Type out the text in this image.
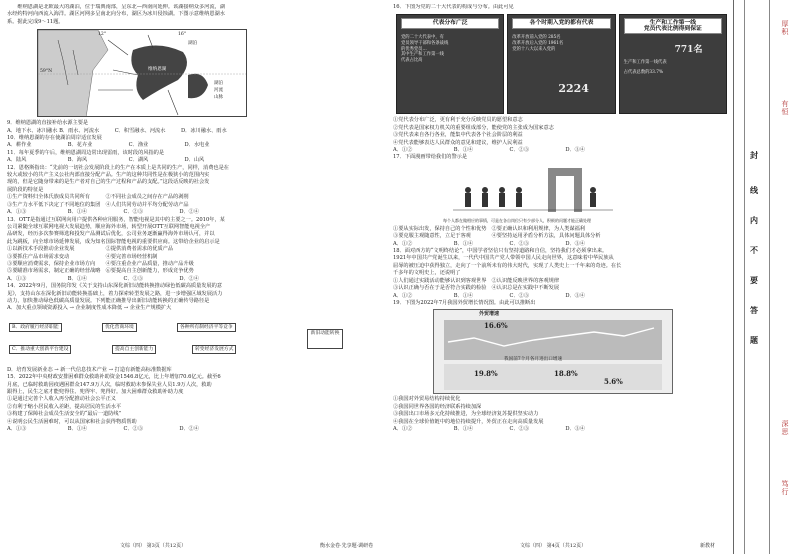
　　维纳恩湖是北欧最大的湖泊，位于瑞典南部，呈东北—西南向延伸。该湖接纳众多河流，湖
水经约特河向西流入海洋。湖区河网多呈南北向分布，湖区为冰川侵蚀湖。下图示意维纳恩湖水
系。据此完成9～11题。
12°	16°
59°N	维纳恩湖
湖泊
湖泊
河流
山脉
9．维纳恩湖的直接补给水源主要是
A．地下水、冰川融水 B．雨水、河流水　　　C．积雪融水、河流水　　　D．冰川融水、雨水
10．维纳恩湖的存在使湖泊周岸适宜发展
A．耕作业　　　　　　　B．花卉业　　　　　　　C．渔业　　　　　　　D．水电业
11．每年夏季的午后，维纳恩湖周边常出现雷雨，该时段的风指的是
A．陆风　　　　　　　　B．海风　　　　　　　　C．湖风　　　　　　　D．山风
12．恩格斯指出：“先前的一切社会发展阶段上的生产在本质上是共同的生产，同样，消费也是在
较大或较小的共产主义公社内部直接分配产品。生产的这种共同性是在极狭小的范围内实
现的，但是它随身带来的是生产者对自己的生产过程和产品的支配。”这段话反映的社会发
展阶段的特征是
①生产资料归全体氏族成员共同所有　　　②不同社会成员之间存在产品的剥削
③生产力水平低下决定了不同地位的集团　④人们共同劳动并平均分配劳动产品
A．①③　　　　　　　　B．①④　　　　　　　C．②③　　　　　　　D．②④
13．OTT是指通过互联网向用户提供各种应用服务，智能电视是其中的主要之一。2010年，某
公司紧随全球互联网电视大发展趋势，顺应海外市场，转型开展OTT互联网智能电视全产
品研发，经历多次参赛筛选和投发产品测试后优化，公司业务逐渐赢得海外市场认可，并以
此为跳板，向全球市场延伸发展，成为知名国际智能电视的重要供应商。这带给企业的启示是
①以新技术手段推动企业发展　　　　　　②提供消费者需求的优质产品
③要抓住产品市场需求变动　　　　　　　④要完善市场经营机制
③要顺应消费需求，保持企业市场方向　　④要注重企业产品质量，推动产品升级
⑤要瞄准市场需求，制定正确的经营战略　⑥要提高自主创新能力，形成竞争优势
A．①③　　　　　　　　B．①④　　　　　　　C．②③　　　　　　　D．②④
14．2022年9月，国务院印发《关于支持山东深化新旧动能转换推动绿色低碳高质量发展的意
见》，支持山东在深化新旧动能转换基础上，着力探索转型发展之路，进一步增强区域发展活力
动力，加快推动绿色低碳高质量发展。下列能正确推导出新旧动能转换的正确传导路径是
A．加大重点领域资源投入 → 企业制度性成本降低 → 企业生产规模扩大
B．政府履行经济职能	优化营商环境	各种所有制经济平等竞争
C．推动重大创新平台建设	提高自主创新能力	转变经济发展方式
新旧动能转换
D．培育发展新业态 → 新一代信息技术产业 → 打造有新能高标准数据库
15．2022年中央财政安排困难群众救助补助资金1546.8亿元，比上年增加70.6亿元。截至6
月底，已临时救助因疫遇困群众147.9万人次，临时救助未参保失业人员1.9万人次，救助
跟得上，民生之底才能兜得住、兜得牢、兜得好。加大困难群众救助补助力度
①是通过完善个人收入再分配推动社会公平正义
②有利于缩小居民收入差距，提高居民的生活水平
③构建了保障社会成员生活安全的“最后一道防线”
④说明公民生活困难时，可以从国家和社会获得物质帮助
A．①③　　　　　　　　B．①④　　　　　　　C．②③　　　　　　　D．②④
16．下图为党的二十大代表的构成与分布。由此可见
代表分布广泛
党的二十大代表中，有
党员领导干部和各条战线
的优秀党员…
其中生产和工作第一线
代表占比高
各个时期入党的都有代表
改革开放前入党的 285名
改革开放后入党的 1961名
党的十八大以来入党的
2224
生产和工作第一线
党员代表比例得到保证
771名
生产和工作第一线代表
占代表总数的33.7%
①党代表分布广泛，更有利于充分反映党员的愿望和意志
②党代表是国家权力机关的重要组成部分，能使党的主张成为国家意志
③党代表来自各行各业，能集中代表各个社会阶层的利益
④党代表能够表达人民群众的意见和建议，维护人民利益
A．①②　　　　　　　　B．①④　　　　　　　C．②③　　　　　　　D．③④
17．下面漫画带给我们的警示是
每个人都在做相应的事情，可是在各自岗位只有少部分人，积极的问题才能正确处理
①要从实际出发，保持自己的个性和优势　②要正确认识和利用规律，为人类谋福利
③要克服主观随意性，立足于客观　　　　④要坚持运用矛盾分析方法，具体问题具体分析
A．①②　　　　　　　　B．①④　　　　　　　C．②③　　　　　　　D．③④
18．面对西方的“文明终结论”，中国学者坚信只有坚持道路和自信，坚持我们才必须拿出来。
1921年中国共产党诞生以来，一代代中国共产党人带领中国人民走向世界，这意味着中华民族从
屈辱的被压迫中获得独立，走向了一个前所未有的伟大时代，实现了人类史上一千年来的奇迹。在长
千多年的文明史上，还说明了
①人们通过实践活动能够认识到客观世界　②认识能反映世界的客观规律
③认识正确与否在于是否符合实践的检验　④认识总是在实践中不断发展
A．①②　　　　　　　　B．①④　　　　　　　C．②③　　　　　　　D．③④
19．下图为2022年7月我国外贸增长情况图。由此可以推断出
外贸增速
16.6%
我国前7个月各月进出口增速
19.8%	18.8%
5.6%
①我国对外贸易结构持续优化
②我国同世界各国的经济联系持续加深
③我国出口市场多元化持续推进，为全球经济复苏提供坚实动力
④我国在全球价值链中的地位持续提升，外贸正在走向高质量发展
A．①②　　　　　　　　B．①④　　　　　　　C．②③　　　　　　　D．③④
文综（四） 第3页（共12页）	衡水金卷·先享题·调研卷	文综（四） 第4页（共12页）	新教材
厚积
有恒
深思
笃行
封
线
内
不
要
答
题
